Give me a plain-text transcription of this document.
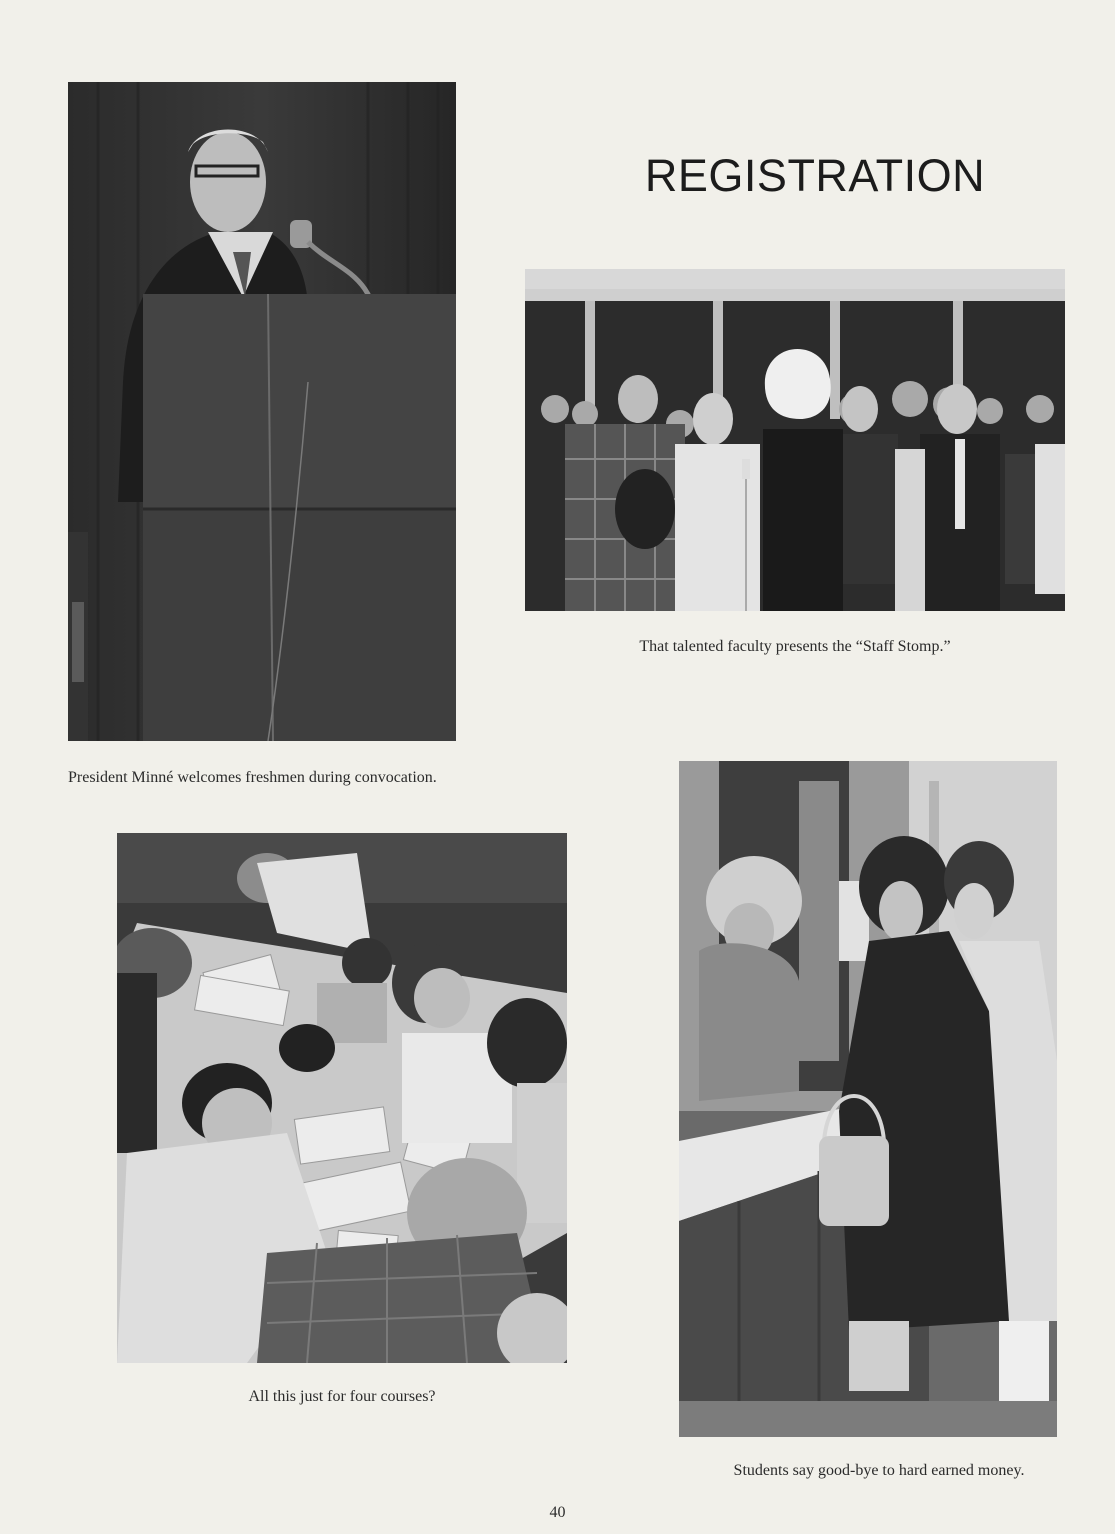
REGISTRATION
President Minné welcomes freshmen during convocation.
That talented faculty presents the “Staff Stomp.”
All this just for four courses?
Students say good-bye to hard earned money.
40
